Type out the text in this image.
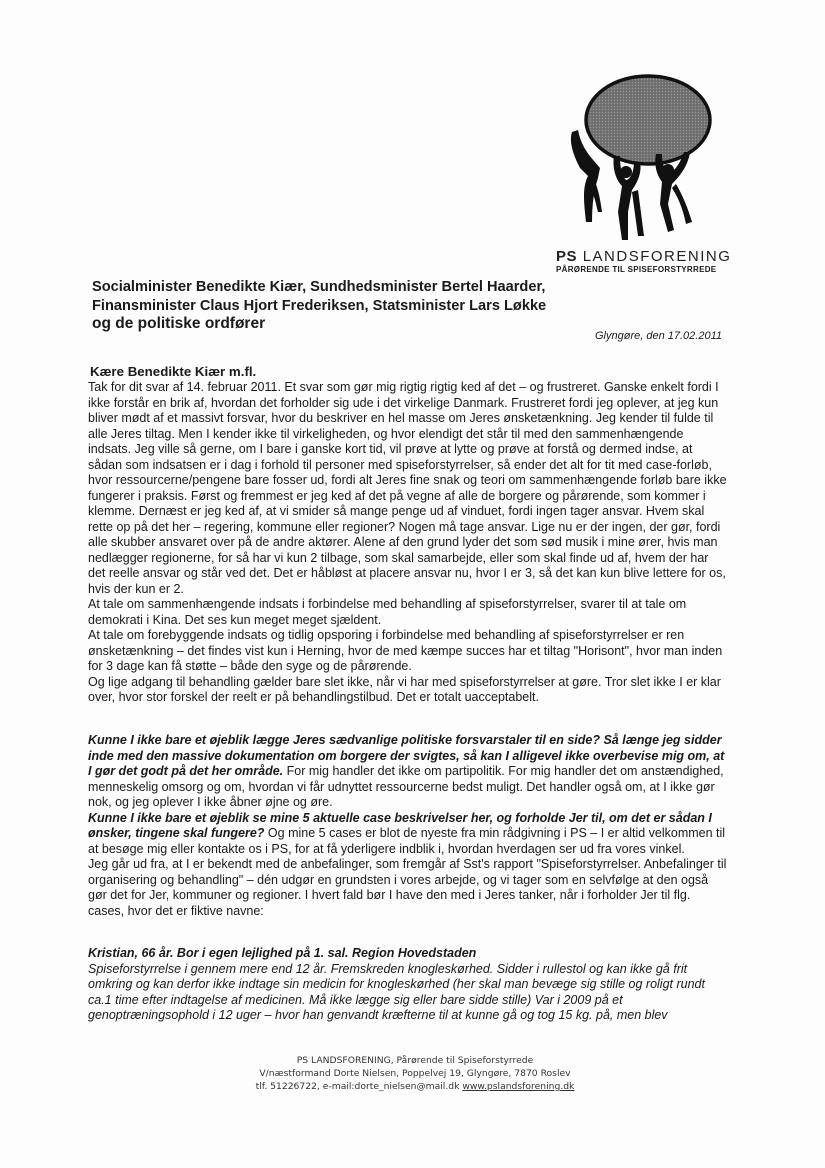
PS LANDSFORENING
PÅRØRENDE TIL SPISEFORSTYRREDE
Socialminister Benedikte Kiær, Sundhedsminister Bertel Haarder,
Finansminister Claus Hjort Frederiksen, Statsminister Lars Løkke
og de politiske ordfører
Glyngøre, den 17.02.2011
Kære Benedikte Kiær m.fl.

Tak for dit svar af 14. februar 2011. Et svar som gør mig rigtig rigtig ked af det – og frustreret. Ganske enkelt fordi I ikke forstår en brik af, hvordan det forholder sig ude i det virkelige Danmark. Frustreret fordi jeg oplever, at jeg kun bliver mødt af et massivt forsvar, hvor du beskriver en hel masse om Jeres ønsketænkning. Jeg kender til fulde til alle Jeres tiltag. Men I kender ikke til virkeligheden, og hvor elendigt det står til med den sammenhængende indsats. Jeg ville så gerne, om I bare i ganske kort tid, vil prøve at lytte og prøve at forstå og dermed indse, at sådan som indsatsen er i dag i forhold til personer med spiseforstyrrelser, så ender det alt for tit med case-forløb, hvor ressourcerne/pengene bare fosser ud, fordi alt Jeres fine snak og teori om sammenhængende forløb bare ikke fungerer i praksis. Først og fremmest er jeg ked af det på vegne af alle de borgere og pårørende, som kommer i klemme. Dernæst er jeg ked af, at vi smider så mange penge ud af vinduet, fordi ingen tager ansvar. Hvem skal rette op på det her – regering, kommune eller regioner? Nogen må tage ansvar. Lige nu er der ingen, der gør, fordi alle skubber ansvaret over på de andre aktører. Alene af den grund lyder det som sød musik i mine ører, hvis man nedlægger regionerne, for så har vi kun 2 tilbage, som skal samarbejde, eller som skal finde ud af, hvem der har det reelle ansvar og står ved det. Det er håbløst at placere ansvar nu, hvor I er 3, så det kan kun blive lettere for os, hvis der kun er 2.

At tale om sammenhængende indsats i forbindelse med behandling af spiseforstyrrelser, svarer til at tale om demokrati i Kina. Det ses kun meget meget sjældent.

At tale om forebyggende indsats og tidlig opsporing i forbindelse med behandling af spiseforstyrrelser er ren ønsketænkning – det findes vist kun i Herning, hvor de med kæmpe succes har et tiltag "Horisont", hvor man inden for 3 dage kan få støtte – både den syge og de pårørende.

Og lige adgang til behandling gælder bare slet ikke, når vi har med spiseforstyrrelser at gøre. Tror slet ikke I er klar over, hvor stor forskel der reelt er på behandlingstilbud. Det er totalt uacceptabelt.

Kunne I ikke bare et øjeblik lægge Jeres sædvanlige politiske forsvarstaler til en side? Så længe jeg sidder inde med den massive dokumentation om borgere der svigtes, så kan I alligevel ikke overbevise mig om, at I gør det godt på det her område. For mig handler det ikke om partipolitik. For mig handler det om anstændighed, menneskelig omsorg og om, hvordan vi får udnyttet ressourcerne bedst muligt. Det handler også om, at I ikke gør nok, og jeg oplever I ikke åbner øjne og øre.

Kunne I ikke bare et øjeblik se mine 5 aktuelle case beskrivelser her, og forholde Jer til, om det er sådan I ønsker, tingene skal fungere? Og mine 5 cases er blot de nyeste fra min rådgivning i PS – I er altid velkommen til at besøge mig eller kontakte os i PS, for at få yderligere indblik i, hvordan hverdagen ser ud fra vores vinkel.

Jeg går ud fra, at I er bekendt med de anbefalinger, som fremgår af Sst's rapport "Spiseforstyrrelser. Anbefalinger til organisering og behandling" – dén udgør en grundsten i vores arbejde, og vi tager som en selvfølge at den også gør det for Jer, kommuner og regioner. I hvert fald bør I have den med i Jeres tanker, når i forholder Jer til flg. cases, hvor det er fiktive navne:

Kristian, 66 år. Bor i egen lejlighed på 1. sal. Region Hovedstaden

Spiseforstyrrelse i gennem mere end 12 år. Fremskreden knogleskørhed. Sidder i rullestol og kan ikke gå frit omkring og kan derfor ikke indtage sin medicin for knogleskørhed (her skal man bevæge sig stille og roligt rundt ca.1 time efter indtagelse af medicinen. Må ikke lægge sig eller bare sidde stille) Var i 2009 på et genoptræningsophold i 12 uger – hvor han genvandt kræfterne til at kunne gå og tog 15 kg. på, men blev

PS LANDSFORENING, Pårørende til Spiseforstyrrede
V/næstformand Dorte Nielsen, Poppelvej 19, Glyngøre, 7870 Roslev
tlf. 51226722, e-mail:dorte_nielsen@mail.dk www.pslandsforening.dk
